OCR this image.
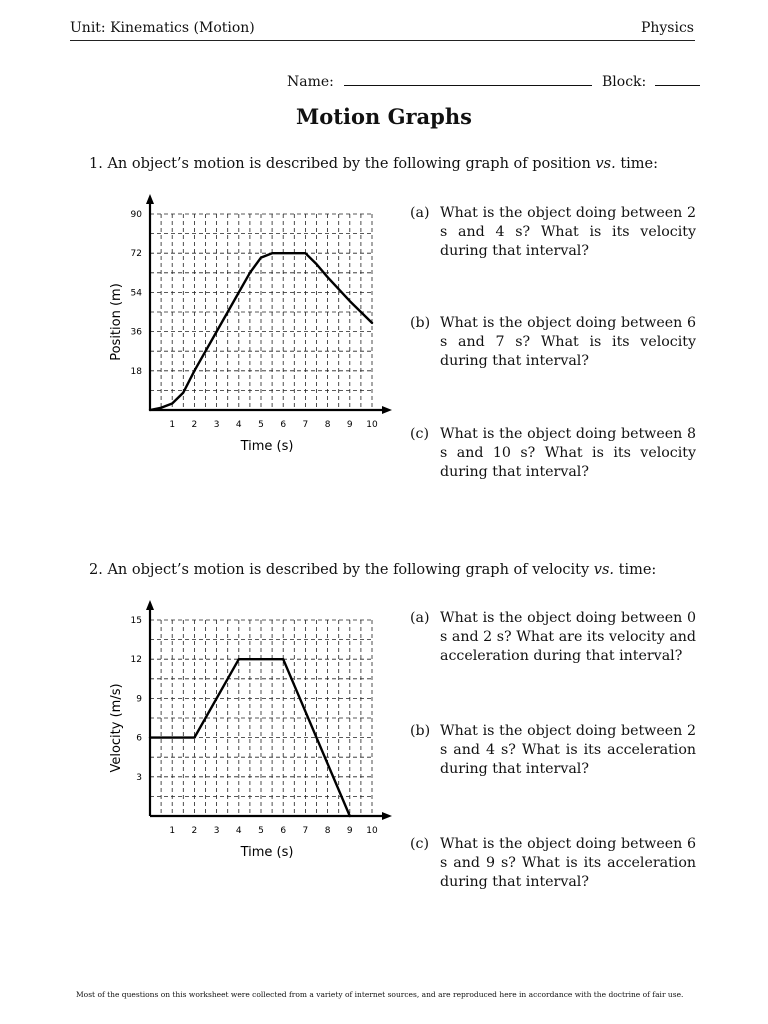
Unit: Kinematics (Motion)	Physics
Name:	Block:
Motion Graphs
1. An object’s motion is described by the following graph of position vs. time:
1 2 3 4 5 6 7 8 9 10
18
36
54
72
90
Time (s)
Position (m)
(a) What is the object doing between 2 s and 4 s? What is its velocity during that interval?
(b) What is the object doing between 6 s and 7 s? What is its velocity during that interval?
(c) What is the object doing between 8 s and 10 s? What is its velocity during that interval?
2. An object’s motion is described by the following graph of velocity vs. time:
1 2 3 4 5 6 7 8 9 10
3
6
9
12
15
Time (s)
Velocity (m/s)
(a) What is the object doing between 0 s and 2 s? What are its velocity and acceleration during that interval?
(b) What is the object doing between 2 s and 4 s? What is its acceleration during that interval?
(c) What is the object doing between 6 s and 9 s? What is its acceleration during that interval?
Most of the questions on this worksheet were collected from a variety of internet sources, and are reproduced here in accordance with the doctrine of fair use.
